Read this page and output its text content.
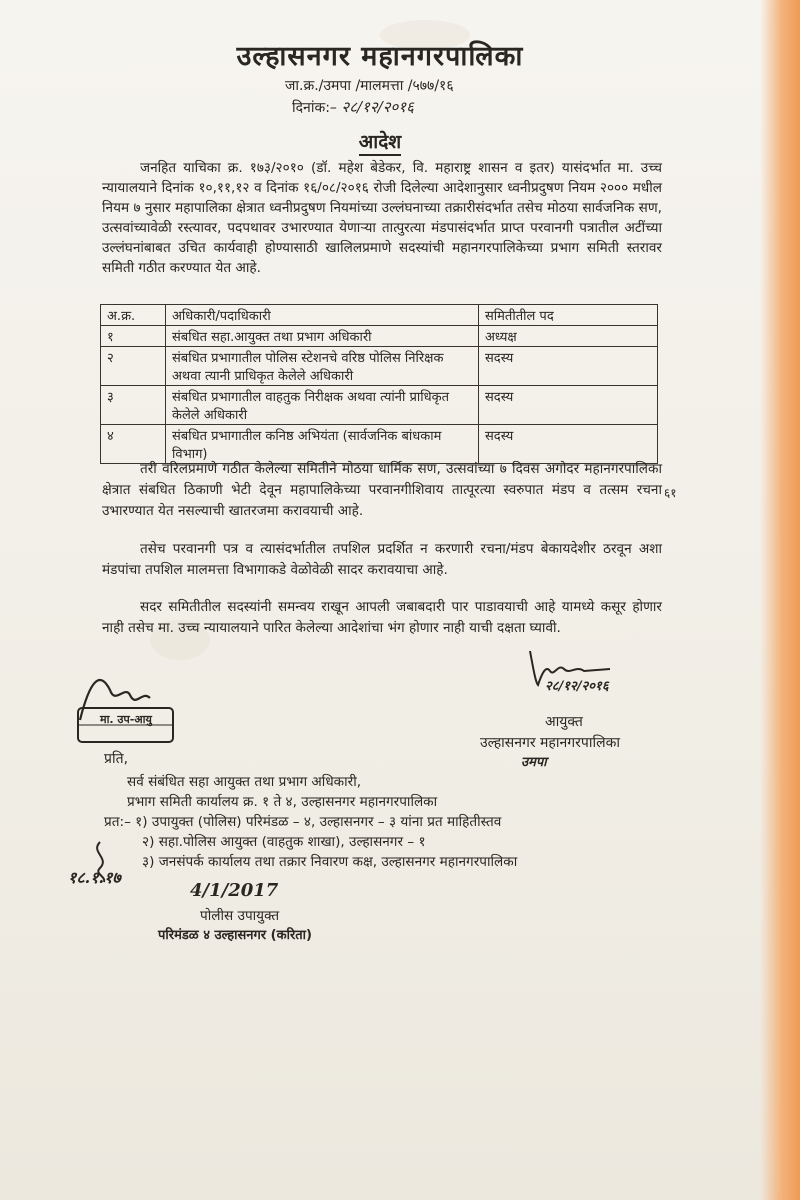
उल्हासनगर महानगरपालिका
जा.क्र./उमपा /मालमत्ता /५७७/१६
दिनांक:– २८/१२/२०१६
आदेश

जनहित याचिका क्र. १७३/२०१० (डॉ. महेश बेडेकर, वि. महाराष्ट्र शासन व इतर) यासंदर्भात मा. उच्च न्यायालयाने दिनांक १०,११,१२ व दिनांक १६/०८/२०१६ रोजी दिलेल्या आदेशानुसार ध्वनीप्रदुषण नियम २००० मधील नियम ७ नुसार महापालिका क्षेत्रात ध्वनीप्रदुषण नियमांच्या उल्लंघनाच्या तक्रारीसंदर्भात तसेच मोठया सार्वजनिक सण, उत्सवांच्यावेळी रस्त्यावर, पदपथावर उभारण्यात येणाऱ्या तात्पुरत्या मंडपासंदर्भात प्राप्त परवानगी पत्रातील अटींच्या उल्लंघनांबाबत उचित कार्यवाही होण्यासाठी खालिलप्रमाणे सदस्यांची महानगरपालिकेच्या प्रभाग समिती स्तरावर समिती गठीत करण्यात येत आहे.

अ.क्र.	अधिकारी/पदाधिकारी	समितीतील पद
१	संबधित सहा.आयुक्त तथा प्रभाग अधिकारी	अध्यक्ष
२	संबधित प्रभागातील पोलिस स्टेशनचे वरिष्ठ पोलिस निरिक्षक अथवा त्यानी प्राधिकृत केलेले अधिकारी	सदस्य
३	संबधित प्रभागातील वाहतुक निरीक्षक अथवा त्यांनी प्राधिकृत केलेले अधिकारी	सदस्य
४	संबधित प्रभागातील कनिष्ठ अभियंता (सार्वजनिक बांधकाम विभाग)	सदस्य

तरी वरिलप्रमाणे गठीत केलेल्या समितीने मोठया धार्मिक सण, उत्सवांच्या ७ दिवस अगोदर महानगरपालिका क्षेत्रात संबधित ठिकाणी भेटी देवून महापालिकेच्या परवानगीशिवाय तात्पूरत्या स्वरुपात मंडप व तत्सम रचना उभारण्यात येत नसल्याची खातरजमा करावयाची आहे.

६१

तसेच परवानगी पत्र व त्यासंदर्भातील तपशिल प्रदर्शित न करणारी रचना/मंडप बेकायदेशीर ठरवून अशा मंडपांचा तपशिल मालमत्ता विभागाकडे वेळोवेळी सादर करावयाचा आहे.

सदर समितीतील सदस्यांनी समन्वय राखून आपली जबाबदारी पार पाडावयाची आहे यामध्ये कसूर होणार नाही तसेच मा. उच्च न्यायालयाने पारित केलेल्या आदेशांचा भंग होणार नाही याची दक्षता घ्यावी.

२८/१२/२०१६
आयुक्त
उल्हासनगर महानगरपालिका
उमपा
मा. उप-आयु
प्रति,
सर्व संबंधित सहा आयुक्त तथा प्रभाग अधिकारी,
प्रभाग समिती कार्यालय क्र. १ ते ४, उल्हासनगर महानगरपालिका
प्रत:– १) उपायुक्त (पोलिस) परिमंडळ – ४, उल्हासनगर – ३ यांना प्रत माहितीस्तव
२) सहा.पोलिस आयुक्त (वाहतुक शाखा), उल्हासनगर – १
३) जनसंपर्क कार्यालय तथा तक्रार निवारण कक्ष, उल्हासनगर महानगरपालिका
१८.१.१७
4/1/2017
पोलीस उपायुक्त
परिमंडळ ४ उल्हासनगर (करिता)
